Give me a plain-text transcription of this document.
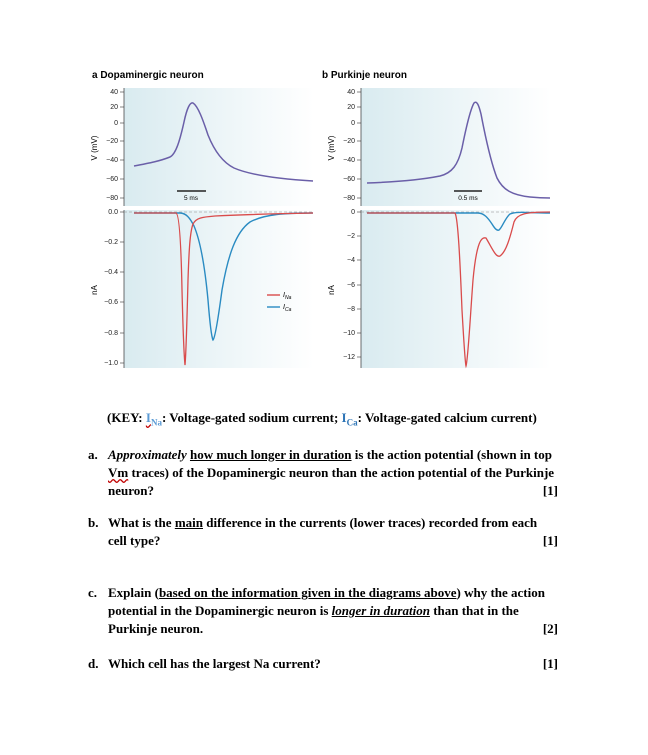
a Dopaminergic neuron
40
20
0
−20
−40
−60
−80
V (mV)
5 ms
0.0
−0.2
−0.4
−0.6
−0.8
−1.0
nA
$I_{Na}$
$I_{Ca}$
b Purkinje neuron
40
20
0
−20
−40
−60
−80
V (mV)
0.5 ms
0
−2
−4
−6
−8
−10
−12
nA
(KEY: $I_{Na}$: Voltage-gated sodium current; $I_{Ca}$: Voltage-gated calcium current)
a. Approximately how much longer in duration is the action potential (shown in top Vm traces) of the Dopaminergic neuron than the action potential of the Purkinje neuron?	[1]
b. What is the main difference in the currents (lower traces) recorded from each cell type?	[1]
c. Explain (based on the information given in the diagrams above) why the action potential in the Dopaminergic neuron is longer in duration than that in the Purkinje neuron.	[2]
d. Which cell has the largest Na current?	[1]
